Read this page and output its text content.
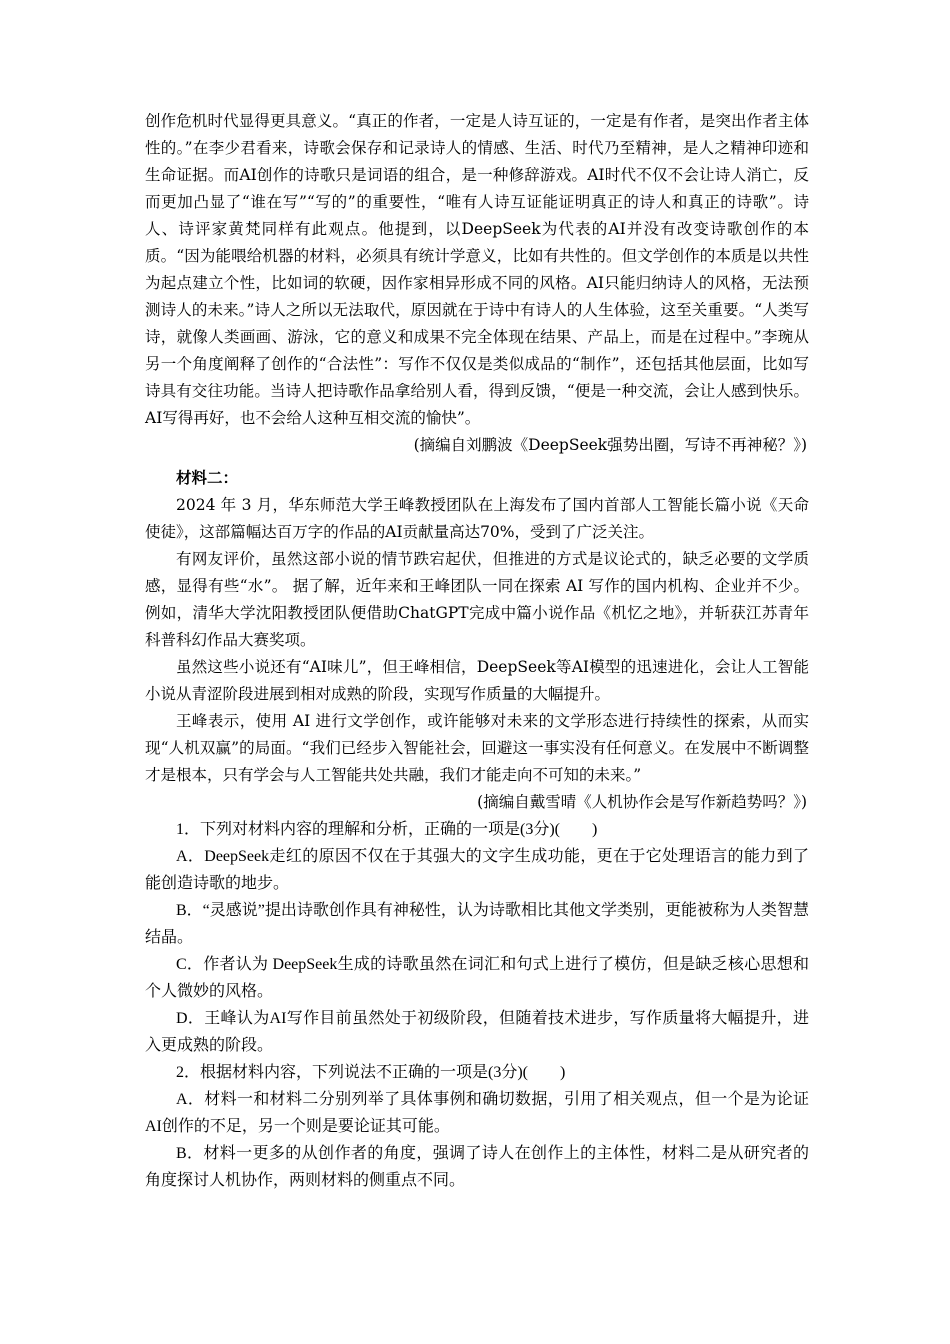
创作危机时代显得更具意义。“真正的作者，一定是人诗互证的，一定是有作者，是突出作者主体性的。”在李少君看来，诗歌会保存和记录诗人的情感、生活、时代乃至精神，是人之精神印迹和生命证据。而AI创作的诗歌只是词语的组合，是一种修辞游戏。AI时代不仅不会让诗人消亡，反而更加凸显了“谁在写”“写的”的重要性，“唯有人诗互证能证明真正的诗人和真正的诗歌”。诗人、诗评家黄梵同样有此观点。他提到，以DeepSeek为代表的AI并没有改变诗歌创作的本质。“因为能喂给机器的材料，必须具有统计学意义，比如有共性的。但文学创作的本质是以共性为起点建立个性，比如词的软硬，因作家相异形成不同的风格。AI只能归纳诗人的风格，无法预测诗人的未来。”诗人之所以无法取代，原因就在于诗中有诗人的人生体验，这至关重要。“人类写诗，就像人类画画、游泳，它的意义和成果不完全体现在结果、产品上，而是在过程中。”李琬从另一个角度阐释了创作的“合法性”：写作不仅仅是类似成品的“制作”，还包括其他层面，比如写诗具有交往功能。当诗人把诗歌作品拿给别人看，得到反馈，“便是一种交流，会让人感到快乐。AI写得再好，也不会给人这种互相交流的愉快”。

(摘编自刘鹏波《DeepSeek强势出圈，写诗不再神秘？》)

材料二：

2024 年 3 月，华东师范大学王峰教授团队在上海发布了国内首部人工智能长篇小说《天命使徒》，这部篇幅达百万字的作品的AI贡献量高达70%，受到了广泛关注。

有网友评价，虽然这部小说的情节跌宕起伏，但推进的方式是议论式的，缺乏必要的文学质感，显得有些“水”。 据了解，近年来和王峰团队一同在探索 AI 写作的国内机构、企业并不少。例如，清华大学沈阳教授团队便借助ChatGPT完成中篇小说作品《机忆之地》，并斩获江苏青年科普科幻作品大赛奖项。

虽然这些小说还有“AI味儿”，但王峰相信，DeepSeek等AI模型的迅速进化，会让人工智能小说从青涩阶段进展到相对成熟的阶段，实现写作质量的大幅提升。

王峰表示，使用 AI 进行文学创作，或许能够对未来的文学形态进行持续性的探索，从而实现“人机双赢”的局面。“我们已经步入智能社会，回避这一事实没有任何意义。在发展中不断调整才是根本，只有学会与人工智能共处共融，我们才能走向不可知的未来。”

(摘编自戴雪晴《人机协作会是写作新趋势吗？》)

1．下列对材料内容的理解和分析，正确的一项是(3分)(　　)

A．DeepSeek走红的原因不仅在于其强大的文字生成功能，更在于它处理语言的能力到了能创造诗歌的地步。

B．“灵感说”提出诗歌创作具有神秘性，认为诗歌相比其他文学类别，更能被称为人类智慧结晶。

C．作者认为 DeepSeek生成的诗歌虽然在词汇和句式上进行了模仿，但是缺乏核心思想和个人微妙的风格。

D．王峰认为AI写作目前虽然处于初级阶段，但随着技术进步，写作质量将大幅提升，进入更成熟的阶段。

2．根据材料内容，下列说法不正确的一项是(3分)(　　)

A．材料一和材料二分别列举了具体事例和确切数据，引用了相关观点，但一个是为论证AI创作的不足，另一个则是要论证其可能。

B．材料一更多的从创作者的角度，强调了诗人在创作上的主体性，材料二是从研究者的角度探讨人机协作，两则材料的侧重点不同。
